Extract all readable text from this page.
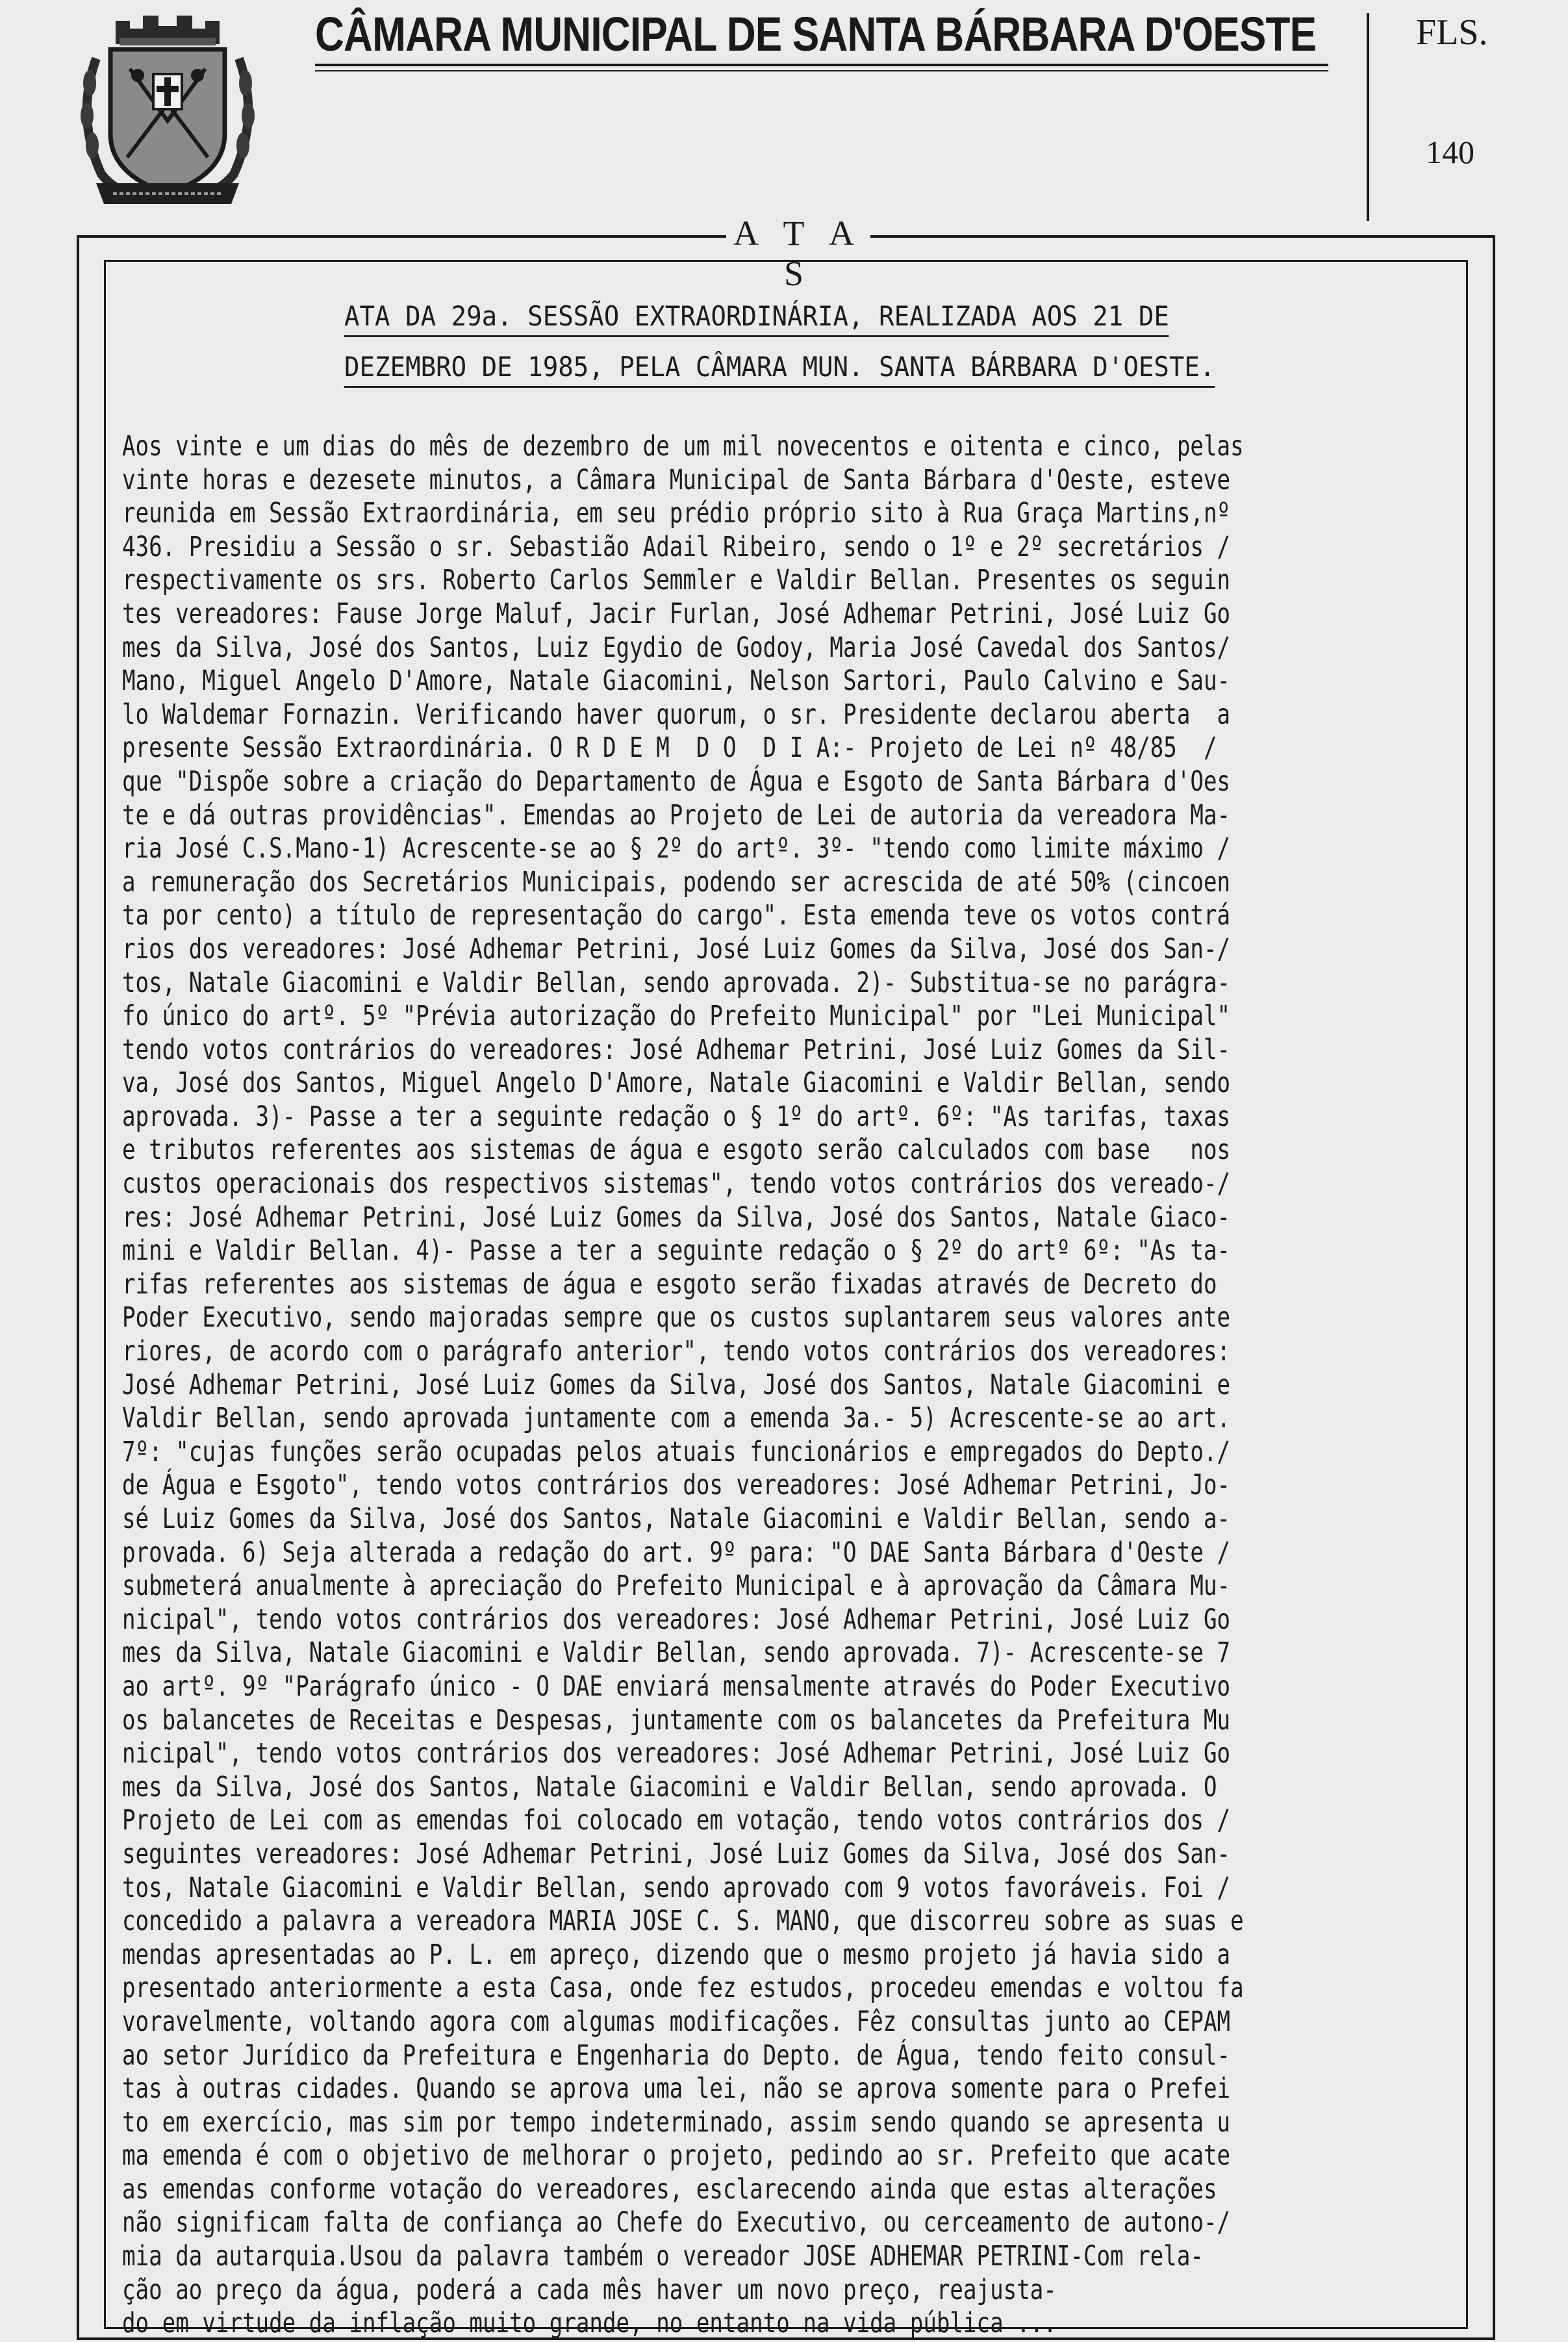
CÂMARA MUNICIPAL DE SANTA BÁRBARA D'OESTE	FLS.
140
A T A S
ATA DA 29a. SESSÃO EXTRAORDINÁRIA, REALIZADA AOS 21 DE
DEZEMBRO DE 1985, PELA CÂMARA MUN. SANTA BÁRBARA D'OESTE.
Aos vinte e um dias do mês de dezembro de um mil novecentos e oitenta e cinco, pelas
vinte horas e dezesete minutos, a Câmara Municipal de Santa Bárbara d'Oeste, esteve
reunida em Sessão Extraordinária, em seu prédio próprio sito à Rua Graça Martins,nº
436. Presidiu a Sessão o sr. Sebastião Adail Ribeiro, sendo o 1º e 2º secretários /
respectivamente os srs. Roberto Carlos Semmler e Valdir Bellan. Presentes os seguin
tes vereadores: Fause Jorge Maluf, Jacir Furlan, José Adhemar Petrini, José Luiz Go
mes da Silva, José dos Santos, Luiz Egydio de Godoy, Maria José Cavedal dos Santos/
Mano, Miguel Angelo D'Amore, Natale Giacomini, Nelson Sartori, Paulo Calvino e Sau-
lo Waldemar Fornazin. Verificando haver quorum, o sr. Presidente declarou aberta  a
presente Sessão Extraordinária. O R D E M  D O  D I A:- Projeto de Lei nº 48/85  /
que "Dispõe sobre a criação do Departamento de Água e Esgoto de Santa Bárbara d'Oes
te e dá outras providências". Emendas ao Projeto de Lei de autoria da vereadora Ma-
ria José C.S.Mano-1) Acrescente-se ao § 2º do artº. 3º- "tendo como limite máximo /
a remuneração dos Secretários Municipais, podendo ser acrescida de até 50% (cincoen
ta por cento) a título de representação do cargo". Esta emenda teve os votos contrá
rios dos vereadores: José Adhemar Petrini, José Luiz Gomes da Silva, José dos San-/
tos, Natale Giacomini e Valdir Bellan, sendo aprovada. 2)- Substitua-se no parágra-
fo único do artº. 5º "Prévia autorização do Prefeito Municipal" por "Lei Municipal"
tendo votos contrários do vereadores: José Adhemar Petrini, José Luiz Gomes da Sil-
va, José dos Santos, Miguel Angelo D'Amore, Natale Giacomini e Valdir Bellan, sendo
aprovada. 3)- Passe a ter a seguinte redação o § 1º do artº. 6º: "As tarifas, taxas
e tributos referentes aos sistemas de água e esgoto serão calculados com base   nos
custos operacionais dos respectivos sistemas", tendo votos contrários dos vereado-/
res: José Adhemar Petrini, José Luiz Gomes da Silva, José dos Santos, Natale Giaco-
mini e Valdir Bellan. 4)- Passe a ter a seguinte redação o § 2º do artº 6º: "As ta-
rifas referentes aos sistemas de água e esgoto serão fixadas através de Decreto do
Poder Executivo, sendo majoradas sempre que os custos suplantarem seus valores ante
riores, de acordo com o parágrafo anterior", tendo votos contrários dos vereadores:
José Adhemar Petrini, José Luiz Gomes da Silva, José dos Santos, Natale Giacomini e
Valdir Bellan, sendo aprovada juntamente com a emenda 3a.- 5) Acrescente-se ao art.
7º: "cujas funções serão ocupadas pelos atuais funcionários e empregados do Depto./
de Água e Esgoto", tendo votos contrários dos vereadores: José Adhemar Petrini, Jo-
sé Luiz Gomes da Silva, José dos Santos, Natale Giacomini e Valdir Bellan, sendo a-
provada. 6) Seja alterada a redação do art. 9º para: "O DAE Santa Bárbara d'Oeste /
submeterá anualmente à apreciação do Prefeito Municipal e à aprovação da Câmara Mu-
nicipal", tendo votos contrários dos vereadores: José Adhemar Petrini, José Luiz Go
mes da Silva, Natale Giacomini e Valdir Bellan, sendo aprovada. 7)- Acrescente-se 7
ao artº. 9º "Parágrafo único - O DAE enviará mensalmente através do Poder Executivo
os balancetes de Receitas e Despesas, juntamente com os balancetes da Prefeitura Mu
nicipal", tendo votos contrários dos vereadores: José Adhemar Petrini, José Luiz Go
mes da Silva, José dos Santos, Natale Giacomini e Valdir Bellan, sendo aprovada. O
Projeto de Lei com as emendas foi colocado em votação, tendo votos contrários dos /
seguintes vereadores: José Adhemar Petrini, José Luiz Gomes da Silva, José dos San-
tos, Natale Giacomini e Valdir Bellan, sendo aprovado com 9 votos favoráveis. Foi /
concedido a palavra a vereadora MARIA JOSE C. S. MANO, que discorreu sobre as suas e
mendas apresentadas ao P. L. em apreço, dizendo que o mesmo projeto já havia sido a
presentado anteriormente a esta Casa, onde fez estudos, procedeu emendas e voltou fa
voravelmente, voltando agora com algumas modificações. Fêz consultas junto ao CEPAM
ao setor Jurídico da Prefeitura e Engenharia do Depto. de Água, tendo feito consul-
tas à outras cidades. Quando se aprova uma lei, não se aprova somente para o Prefei
to em exercício, mas sim por tempo indeterminado, assim sendo quando se apresenta u
ma emenda é com o objetivo de melhorar o projeto, pedindo ao sr. Prefeito que acate
as emendas conforme votação do vereadores, esclarecendo ainda que estas alterações
não significam falta de confiança ao Chefe do Executivo, ou cerceamento de autono-/
mia da autarquia.Usou da palavra também o vereador JOSE ADHEMAR PETRINI-Com rela-
ção ao preço da água, poderá a cada mês haver um novo preço, reajusta-
do em virtude da inflação muito grande, no entanto na vida pública ...
